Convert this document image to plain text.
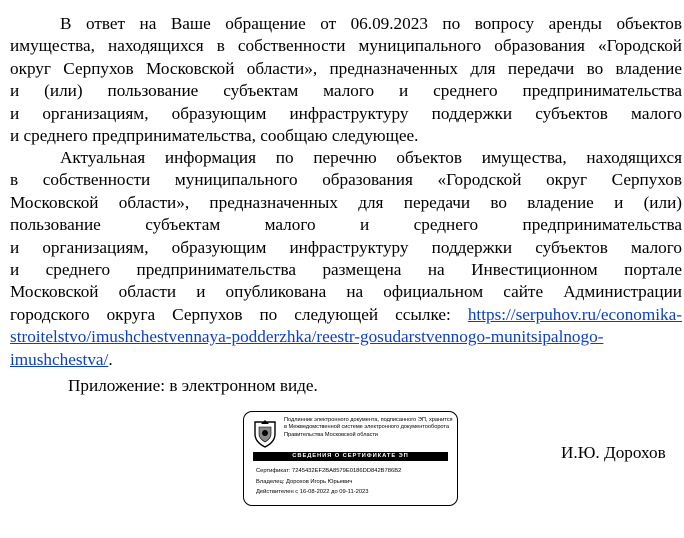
В ответ на Ваше обращение от 06.09.2023 по вопросу аренды объектов
имущества, находящихся в собственности муниципального образования «Городской
округ Серпухов Московской области», предназначенных для передачи во владение
и (или) пользование субъектам малого и среднего предпринимательства
и организациям, образующим инфраструктуру поддержки субъектов малого
и среднего предпринимательства, сообщаю следующее.
Актуальная информация по перечню объектов имущества, находящихся
в собственности муниципального образования «Городской округ Серпухов
Московской области», предназначенных для передачи во владение и (или)
пользование субъектам малого и среднего предпринимательства
и организациям, образующим инфраструктуру поддержки субъектов малого
и среднего предпринимательства размещена на Инвестиционном портале
Московской области и опубликована на официальном сайте Администрации
городского округа Серпухов по следующей ссылке: https://serpuhov.ru/economika-
stroitelstvo/imushchestvennaya-podderzhka/reestr-gosudarstvennogo-munitsipalnogo-
imushchestva/.
Приложение: в электронном виде.
Подлинник электронного документа, подписанного ЭП, хранится в Межведомственной системе электронного документооборота Правительства Московской области
СВЕДЕНИЯ О СЕРТИФИКАТЕ ЭП
Сертификат: 7245432EF2BA8579E0186DD842B786B2
Владелец: Дорохов Игорь Юрьевич
Действителен с 16-08-2022 до 09-11-2023
И.Ю. Дорохов
